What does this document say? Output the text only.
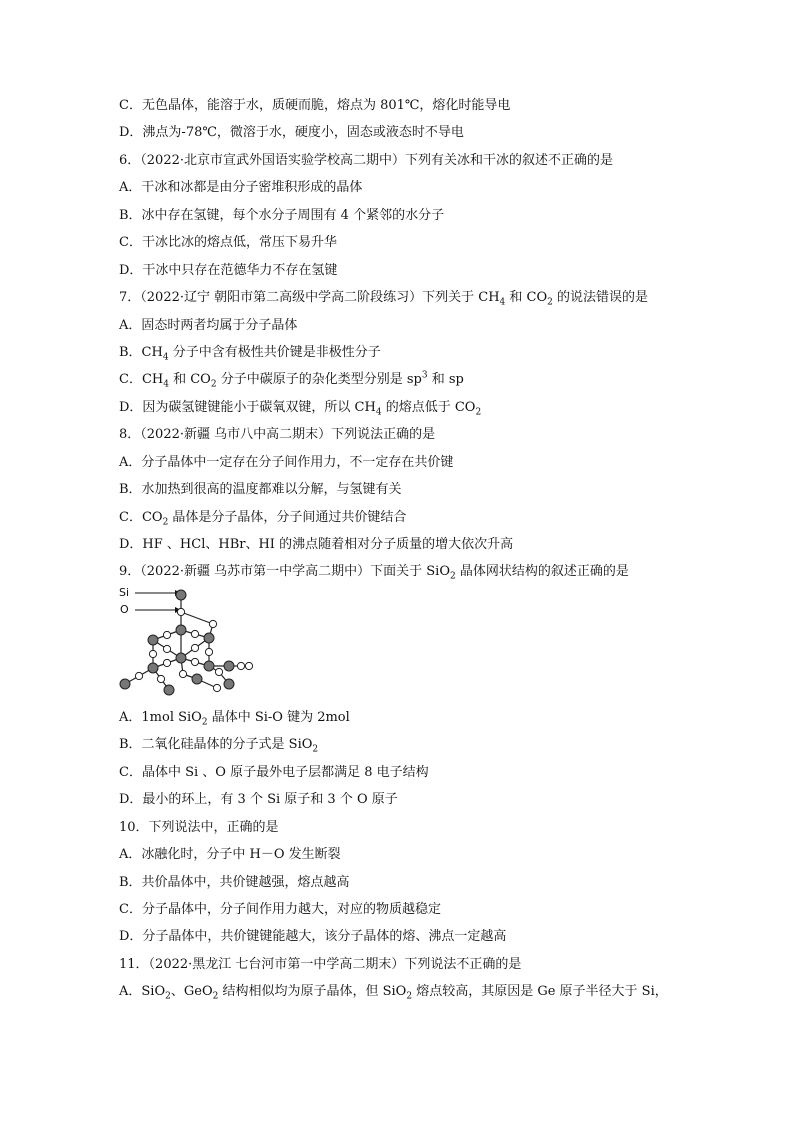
C．无色晶体，能溶于水，质硬而脆，熔点为 801℃，熔化时能导电
D．沸点为-78℃，微溶于水，硬度小，固态或液态时不导电
6．（2022·北京市宣武外国语实验学校高二期中）下列有关冰和干冰的叙述不正确的是
A．干冰和冰都是由分子密堆积形成的晶体
B．冰中存在氢键，每个水分子周围有 4 个紧邻的水分子
C．干冰比冰的熔点低，常压下易升华
D．干冰中只存在范德华力不存在氢键
7．（2022·辽宁 朝阳市第二高级中学高二阶段练习）下列关于 $CH_4$ 和 $CO_2$ 的说法错误的是
A．固态时两者均属于分子晶体
B．$CH_4$ 分子中含有极性共价键是非极性分子
C．$CH_4$ 和 $CO_2$ 分子中碳原子的杂化类型分别是 $sp^3$ 和 sp
D．因为碳氢键键能小于碳氧双键，所以 $CH_4$ 的熔点低于 $CO_2$
8．（2022·新疆 乌市八中高二期末）下列说法正确的是
A．分子晶体中一定存在分子间作用力，不一定存在共价键
B．水加热到很高的温度都难以分解，与氢键有关
C．$CO_2$ 晶体是分子晶体，分子间通过共价键结合
D．HF 、HCl、HBr、HI 的沸点随着相对分子质量的增大依次升高
9．（2022·新疆 乌苏市第一中学高二期中）下面关于 SiO$_2$ 晶体网状结构的叙述正确的是
Si
O
A．1mol SiO$_2$ 晶体中 Si-O 键为 2mol
B．二氧化硅晶体的分子式是 SiO$_2$
C．晶体中 Si 、O 原子最外电子层都满足 8 电子结构
D．最小的环上，有 3 个 Si 原子和 3 个 O 原子
10．下列说法中，正确的是
A．冰融化时，分子中 H－O 发生断裂
B．共价晶体中，共价键越强，熔点越高
C．分子晶体中，分子间作用力越大，对应的物质越稳定
D．分子晶体中，共价键键能越大，该分子晶体的熔、沸点一定越高
11．（2022·黑龙江 七台河市第一中学高二期末）下列说法不正确的是
A．SiO$_2$、GeO$_2$ 结构相似均为原子晶体，但 SiO$_2$ 熔点较高，其原因是 Ge 原子半径大于 Si，
